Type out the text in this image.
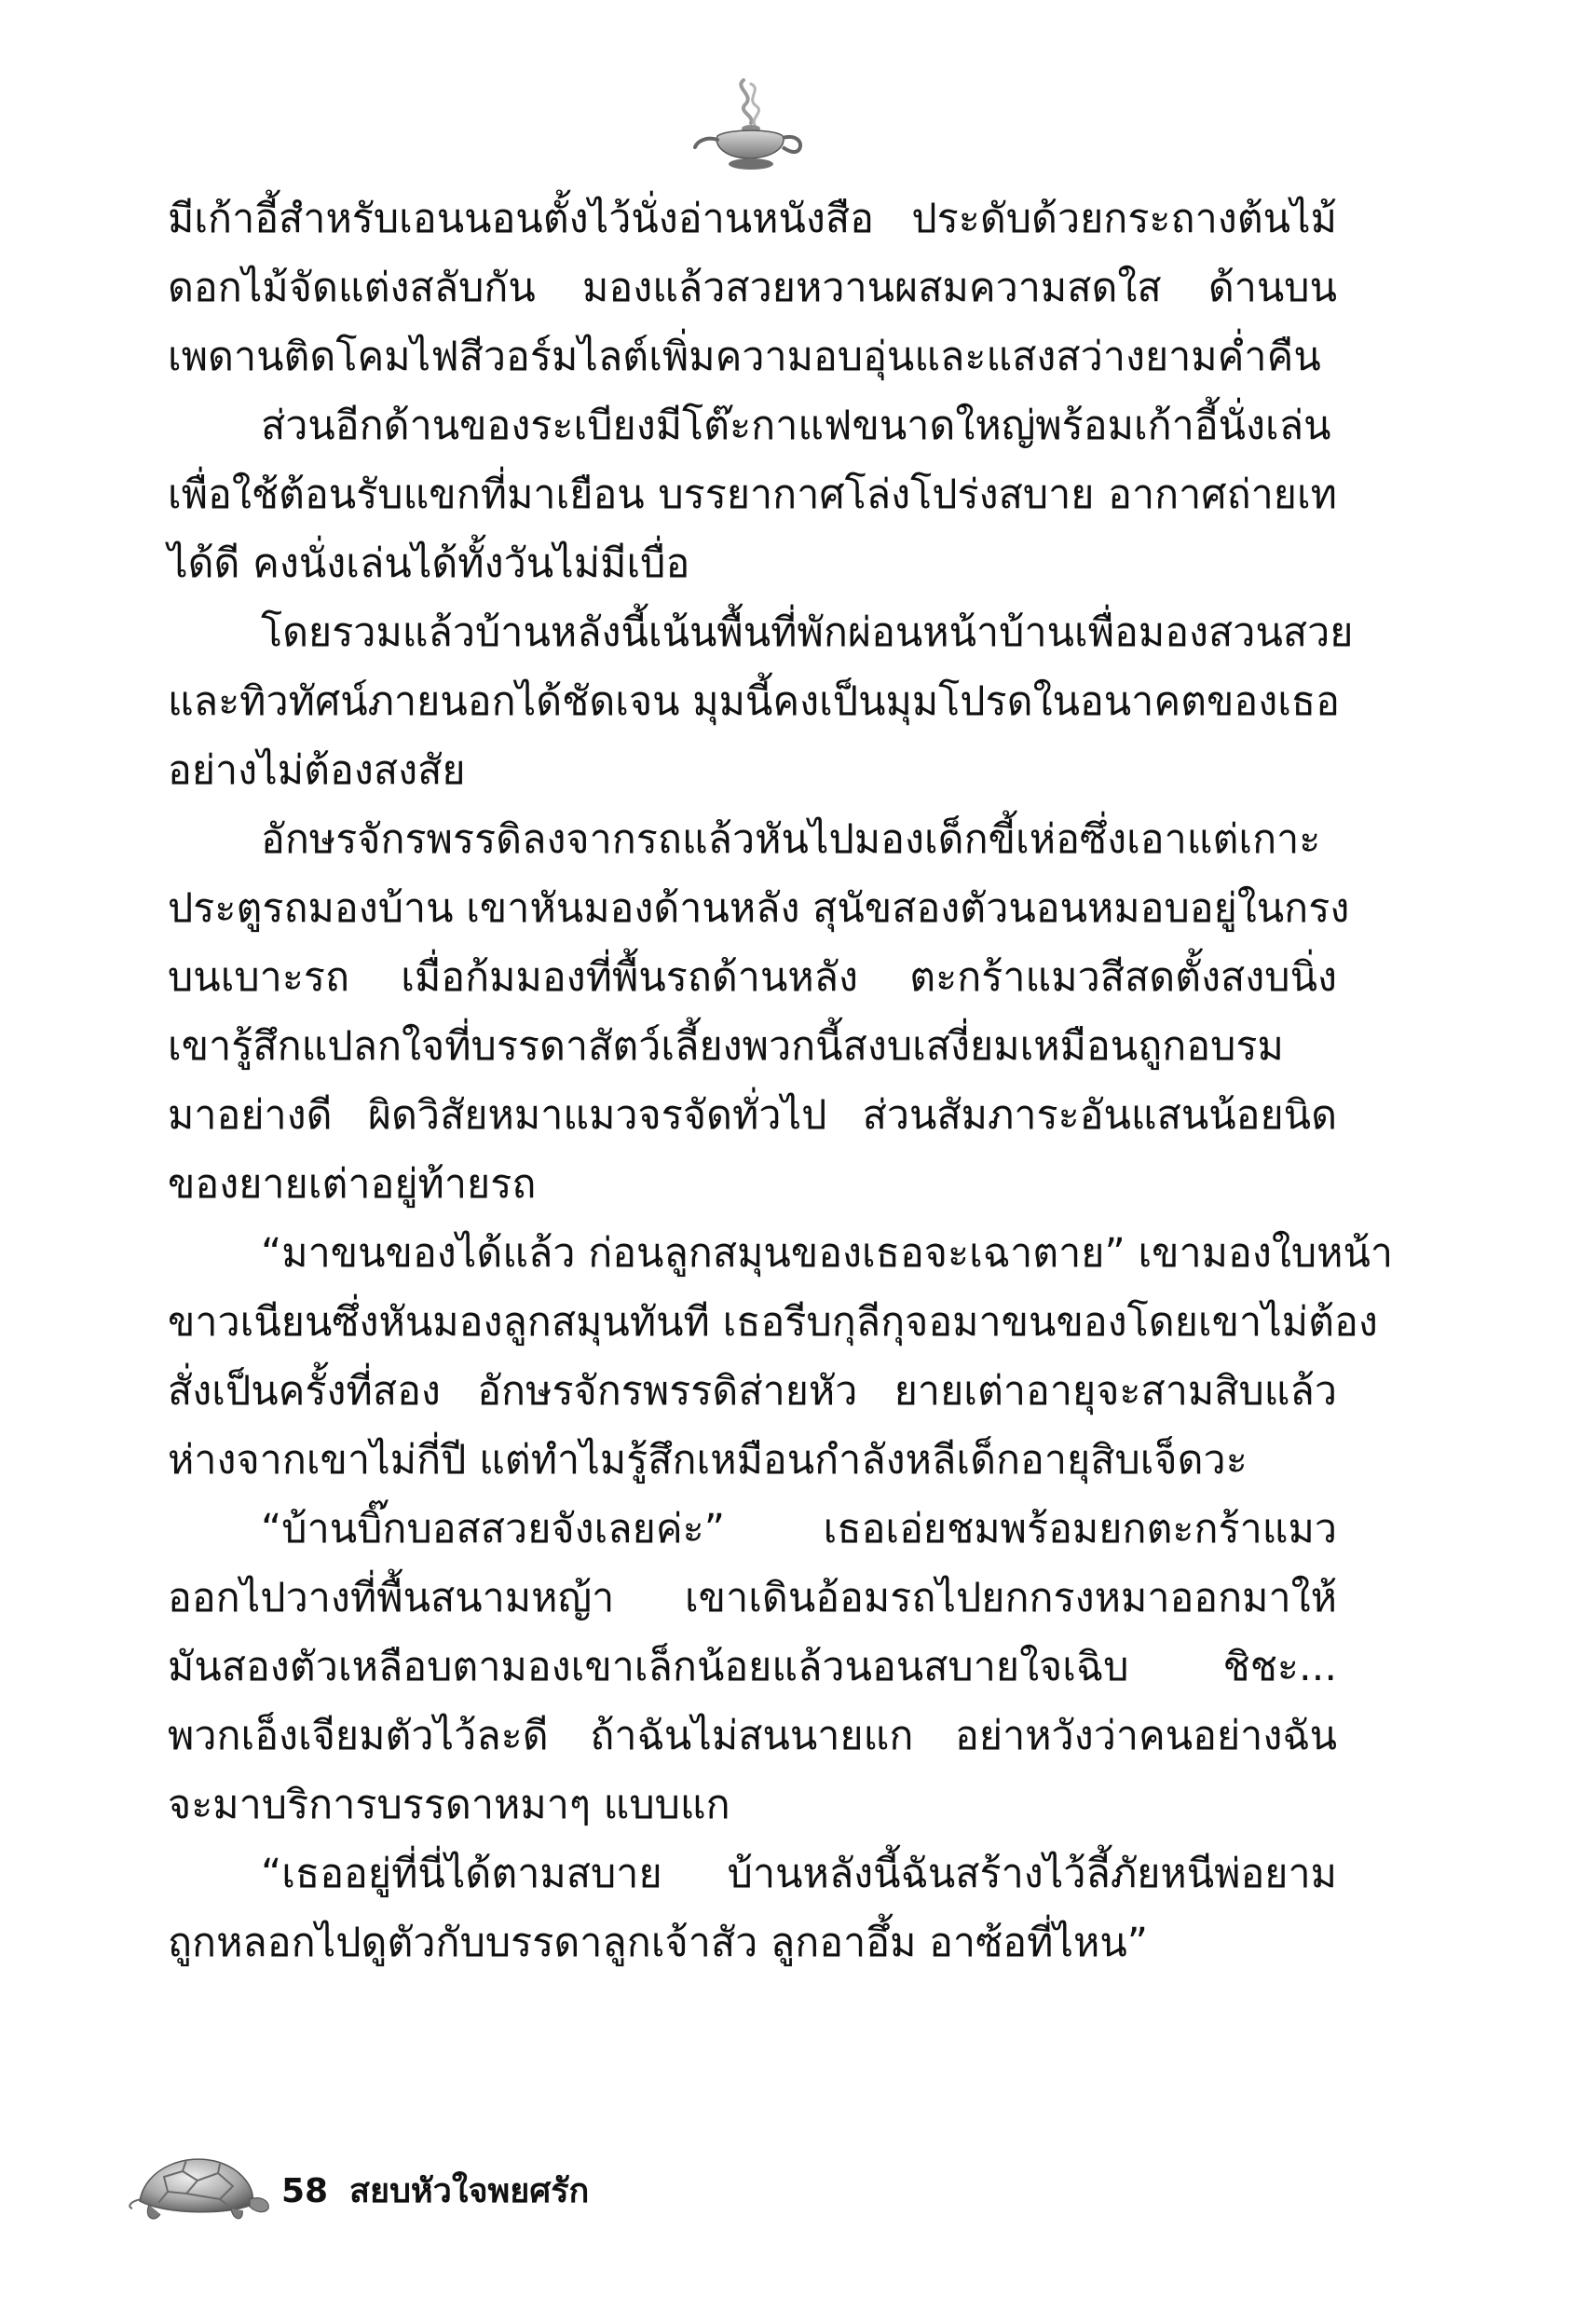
มีเก้าอี้สำหรับเอนนอนตั้งไว้นั่งอ่านหนังสือ ประดับด้วยกระถางต้นไม้
ดอกไม้จัดแต่งสลับกัน มองแล้วสวยหวานผสมความสดใส ด้านบน
เพดานติดโคมไฟสีวอร์มไลต์เพิ่มความอบอุ่นและแสงสว่างยามค่ำคืน
ส่วนอีกด้านของระเบียงมีโต๊ะกาแฟขนาดใหญ่พร้อมเก้าอี้นั่งเล่น
เพื่อใช้ต้อนรับแขกที่มาเยือน บรรยากาศโล่งโปร่งสบาย อากาศถ่ายเท
ได้ดี คงนั่งเล่นได้ทั้งวันไม่มีเบื่อ
โดยรวมแล้วบ้านหลังนี้เน้นพื้นที่พักผ่อนหน้าบ้านเพื่อมองสวนสวย
และทิวทัศน์ภายนอกได้ชัดเจน มุมนี้คงเป็นมุมโปรดในอนาคตของเธอ
อย่างไม่ต้องสงสัย
อักษรจักรพรรดิลงจากรถแล้วหันไปมองเด็กขี้เห่อซึ่งเอาแต่เกาะ
ประตูรถมองบ้าน เขาหันมองด้านหลัง สุนัขสองตัวนอนหมอบอยู่ในกรง
บนเบาะรถ เมื่อก้มมองที่พื้นรถด้านหลัง ตะกร้าแมวสีสดตั้งสงบนิ่ง
เขารู้สึกแปลกใจที่บรรดาสัตว์เลี้ยงพวกนี้สงบเสงี่ยมเหมือนถูกอบรม
มาอย่างดี ผิดวิสัยหมาแมวจรจัดทั่วไป ส่วนสัมภาระอันแสนน้อยนิด
ของยายเต่าอยู่ท้ายรถ
“มาขนของได้แล้ว ก่อนลูกสมุนของเธอจะเฉาตาย” เขามองใบหน้า
ขาวเนียนซึ่งหันมองลูกสมุนทันที เธอรีบกุลีกุจอมาขนของโดยเขาไม่ต้อง
สั่งเป็นครั้งที่สอง อักษรจักรพรรดิส่ายหัว ยายเต่าอายุจะสามสิบแล้ว
ห่างจากเขาไม่กี่ปี แต่ทำไมรู้สึกเหมือนกำลังหลีเด็กอายุสิบเจ็ดวะ
“บ้านบิ๊กบอสสวยจังเลยค่ะ” เธอเอ่ยชมพร้อมยกตะกร้าแมว
ออกไปวางที่พื้นสนามหญ้า เขาเดินอ้อมรถไปยกกรงหมาออกมาให้
มันสองตัวเหลือบตามองเขาเล็กน้อยแล้วนอนสบายใจเฉิบ ชิชะ...
พวกเอ็งเจียมตัวไว้ละดี ถ้าฉันไม่สนนายแก อย่าหวังว่าคนอย่างฉัน
จะมาบริการบรรดาหมาๆ แบบแก
“เธออยู่ที่นี่ได้ตามสบาย บ้านหลังนี้ฉันสร้างไว้ลี้ภัยหนีพ่อยาม
ถูกหลอกไปดูตัวกับบรรดาลูกเจ้าสัว ลูกอาอึ้ม อาซ้อที่ไหน”
58 สยบหัวใจพยศรัก
